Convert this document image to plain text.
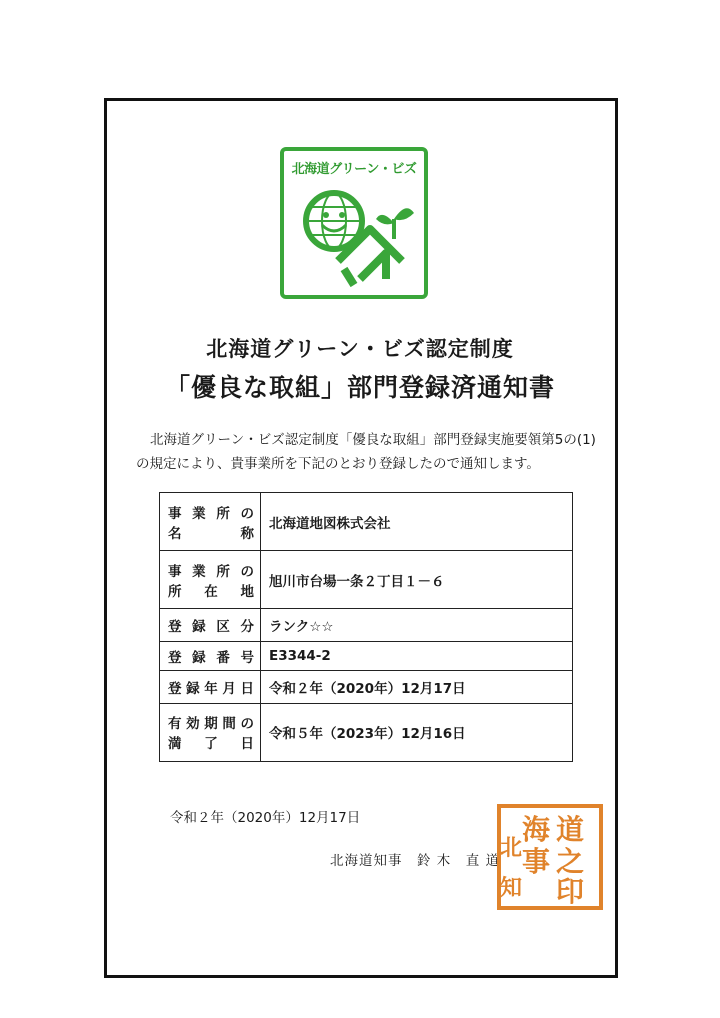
北海道グリーン・ビズ
北海道グリーン・ビズ認定制度
「優良な取組」部門登録済通知書
北海道グリーン・ビズ認定制度「優良な取組」部門登録実施要領第5の(1)の規定により、貴事業所を下記のとおり登録したので通知します。
事業所の
名　称	北海道地図株式会社

事業所の
所在地	旭川市台場一条２丁目１－６

登録区分	ランク☆☆

登録番号	E3344-2

登録年月日	令和２年（2020年）12月17日

有効期間の
満了日	令和５年（2023年）12月16日
令和２年（2020年）12月17日
北海道知事　鈴 木　直 道
道
之
印
海
事
北
知
